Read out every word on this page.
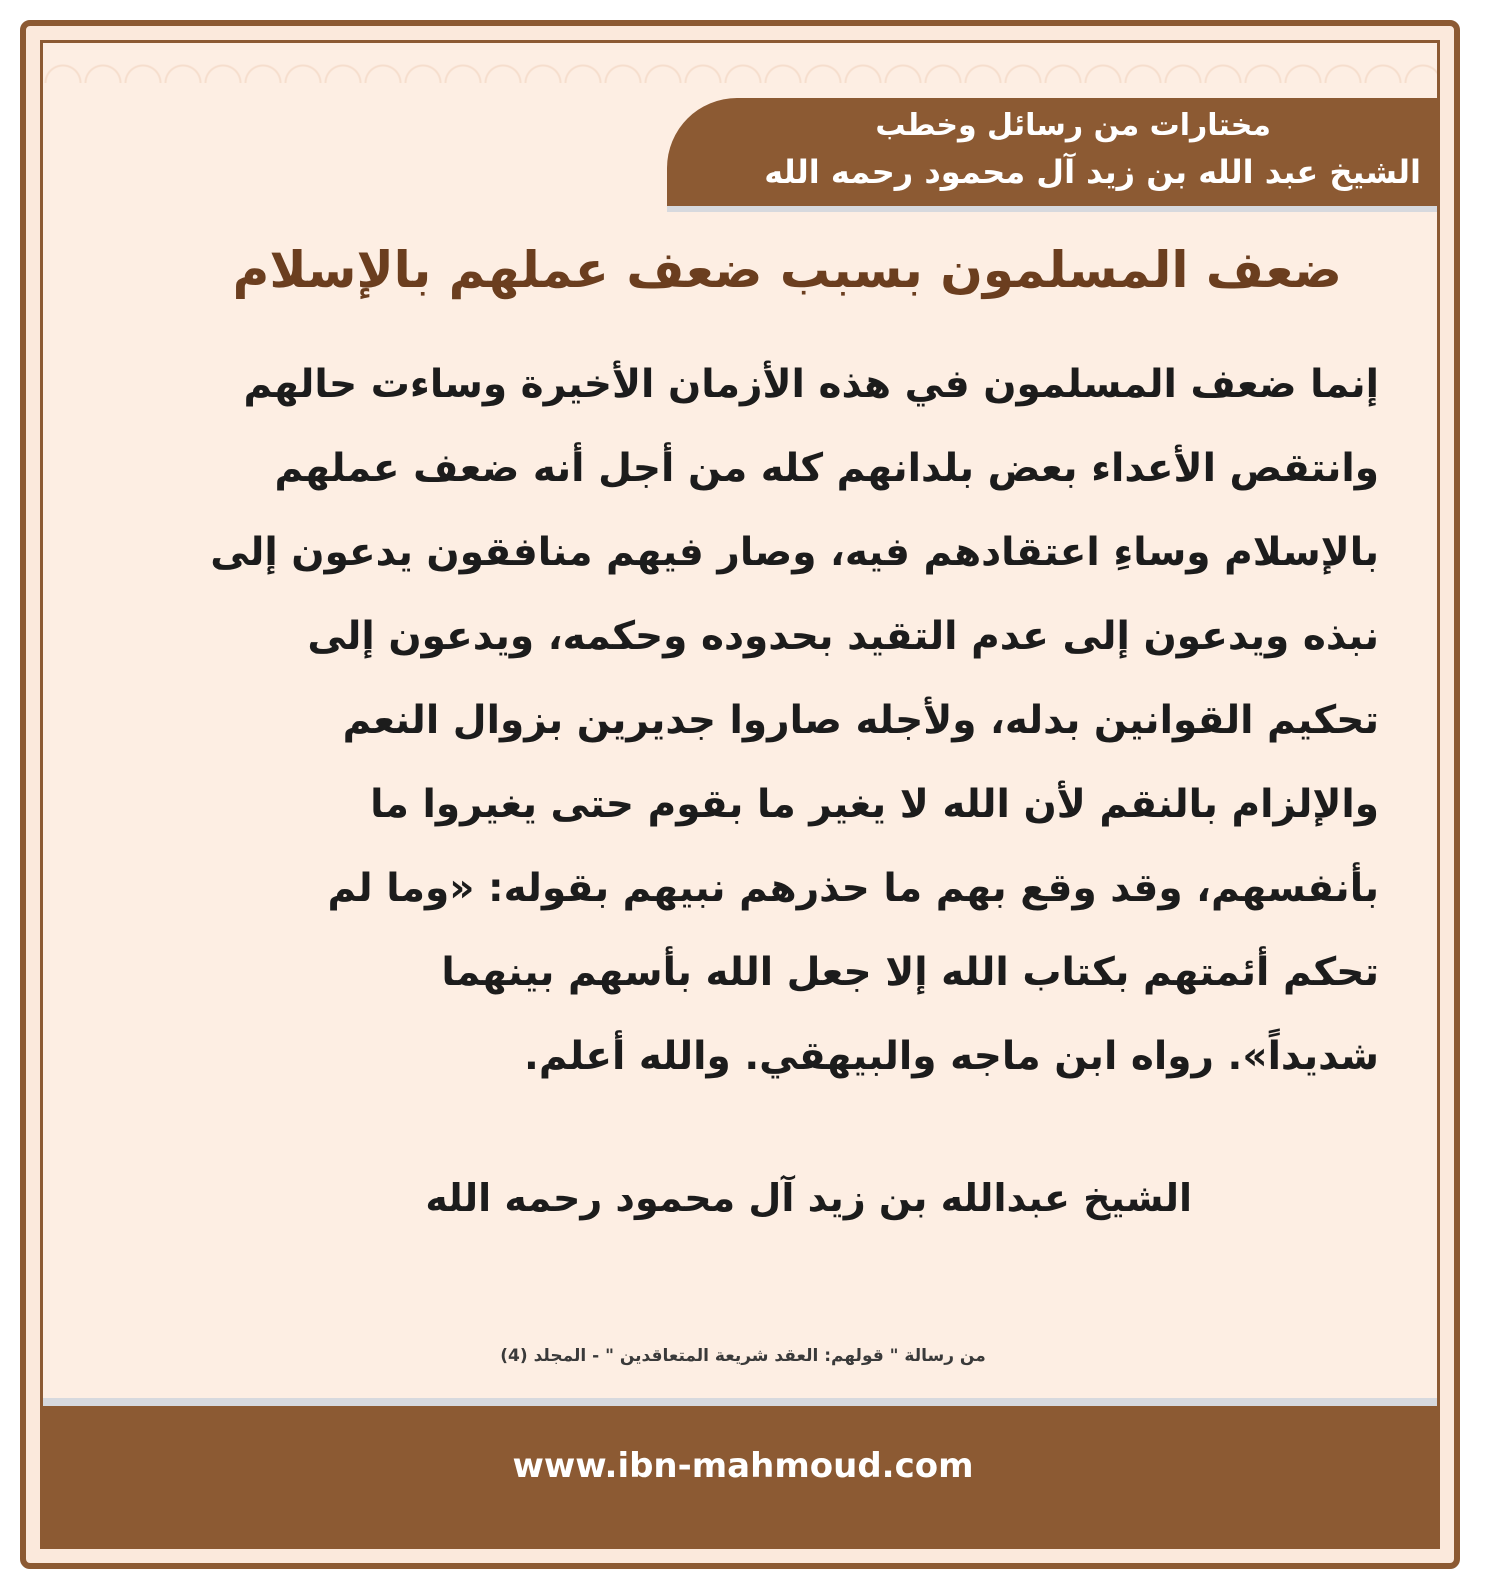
مختارات من رسائل وخطب
الشيخ عبد الله بن زيد آل محمود رحمه الله
ضعف المسلمون بسبب ضعف عملهم بالإسلام
إنما ضعف المسلمون في هذه الأزمان الأخيرة وساءت حالهم
وانتقص الأعداء بعض بلدانهم كله من أجل أنه ضعف عملهم
بالإسلام وساءِ اعتقادهم فيه، وصار فيهم منافقون يدعون إلى
نبذه ويدعون إلى عدم التقيد بحدوده وحكمه، ويدعون إلى
تحكيم القوانين بدله، ولأجله صاروا جديرين بزوال النعم
والإلزام بالنقم لأن الله لا يغير ما بقوم حتى يغيروا ما
بأنفسهم، وقد وقع بهم ما حذرهم نبيهم بقوله: «وما لم
تحكم أئمتهم بكتاب الله إلا جعل الله بأسهم بينهما
شديداً». رواه ابن ماجه والبيهقي. والله أعلم.
الشيخ عبدالله بن زيد آل محمود رحمه الله
من رسالة " قولهم: العقد شريعة المتعاقدين " - المجلد (4)
www.ibn-mahmoud.com
